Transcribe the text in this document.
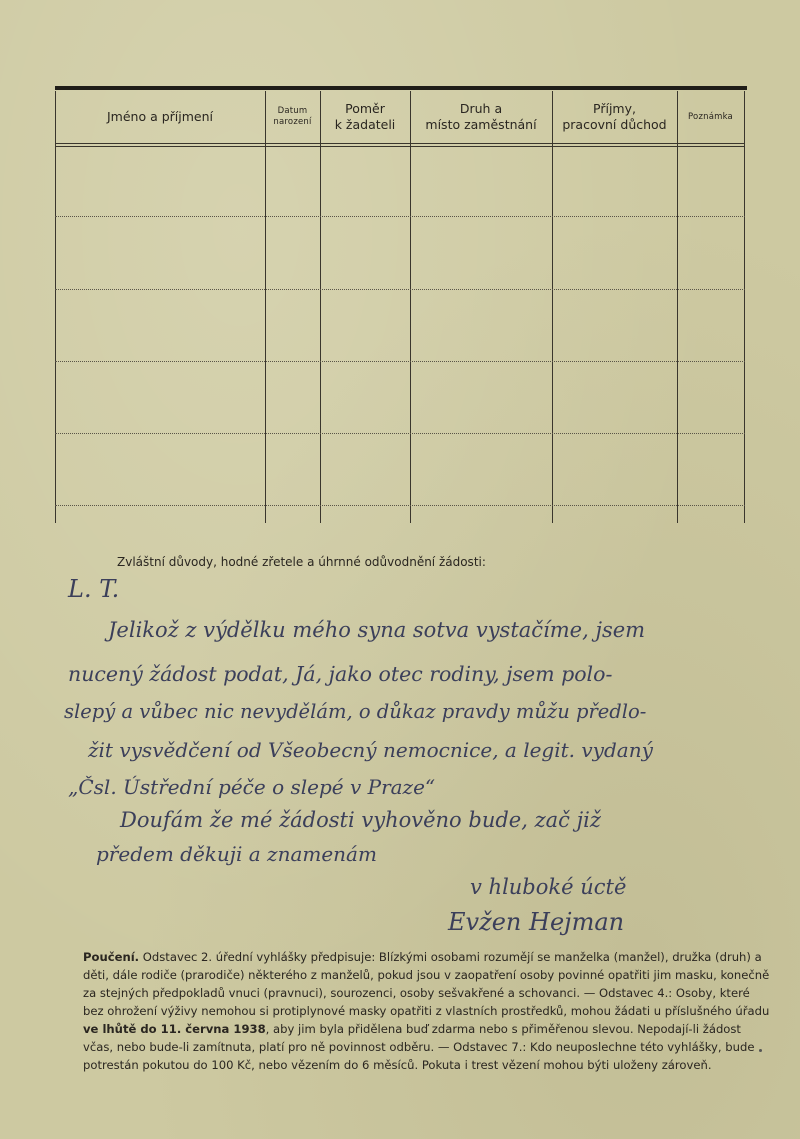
Jméno a příjmení	Datum
narození
Poměr
k žadateli
Druh a
místo zaměstnání
Příjmy,
pracovní důchod
Poznámka
Zvláštní důvody, hodné zřetele a úhrnné odůvodnění žádosti:
L. T.
Jelikož z výdělku mého syna sotva vystačíme, jsem
nucený žádost podat, Já, jako otec rodiny, jsem polo-
slepý a vůbec nic nevydělám, o důkaz pravdy můžu předlo-
žit vysvědčení od Všeobecný nemocnice, a legit. vydaný
„Čsl. Ústřední péče o slepé v Praze“
Doufám že mé žádosti vyhověno bude, zač již
předem děkuji a znamenám
v hluboké úctě
Evžen Hejman
Poučení. Odstavec 2. úřední vyhlášky předpisuje: Blízkými osobami rozumějí se manželka (manžel), družka (druh) a děti, dále rodiče (prarodiče) některého z manželů, pokud jsou v zaopatření osoby povinné opatřiti jim masku, konečně za stejných předpokladů vnuci (pravnuci), sourozenci, osoby sešvakřené a schovanci. — Odstavec 4.: Osoby, které bez ohrožení výživy nemohou si protiplynové masky opatřiti z vlastních prostředků, mohou žádati u příslušného úřadu ve lhůtě do 11. června 1938, aby jim byla přidělena buď zdarma nebo s přiměřenou slevou. Nepodají-li žádost včas, nebo bude-li zamítnuta, platí pro ně povinnost odběru. — Odstavec 7.: Kdo neuposlechne této vyhlášky, bude potrestán pokutou do 100 Kč, nebo vězením do 6 měsíců. Pokuta i trest vězení mohou býti uloženy zároveň.
